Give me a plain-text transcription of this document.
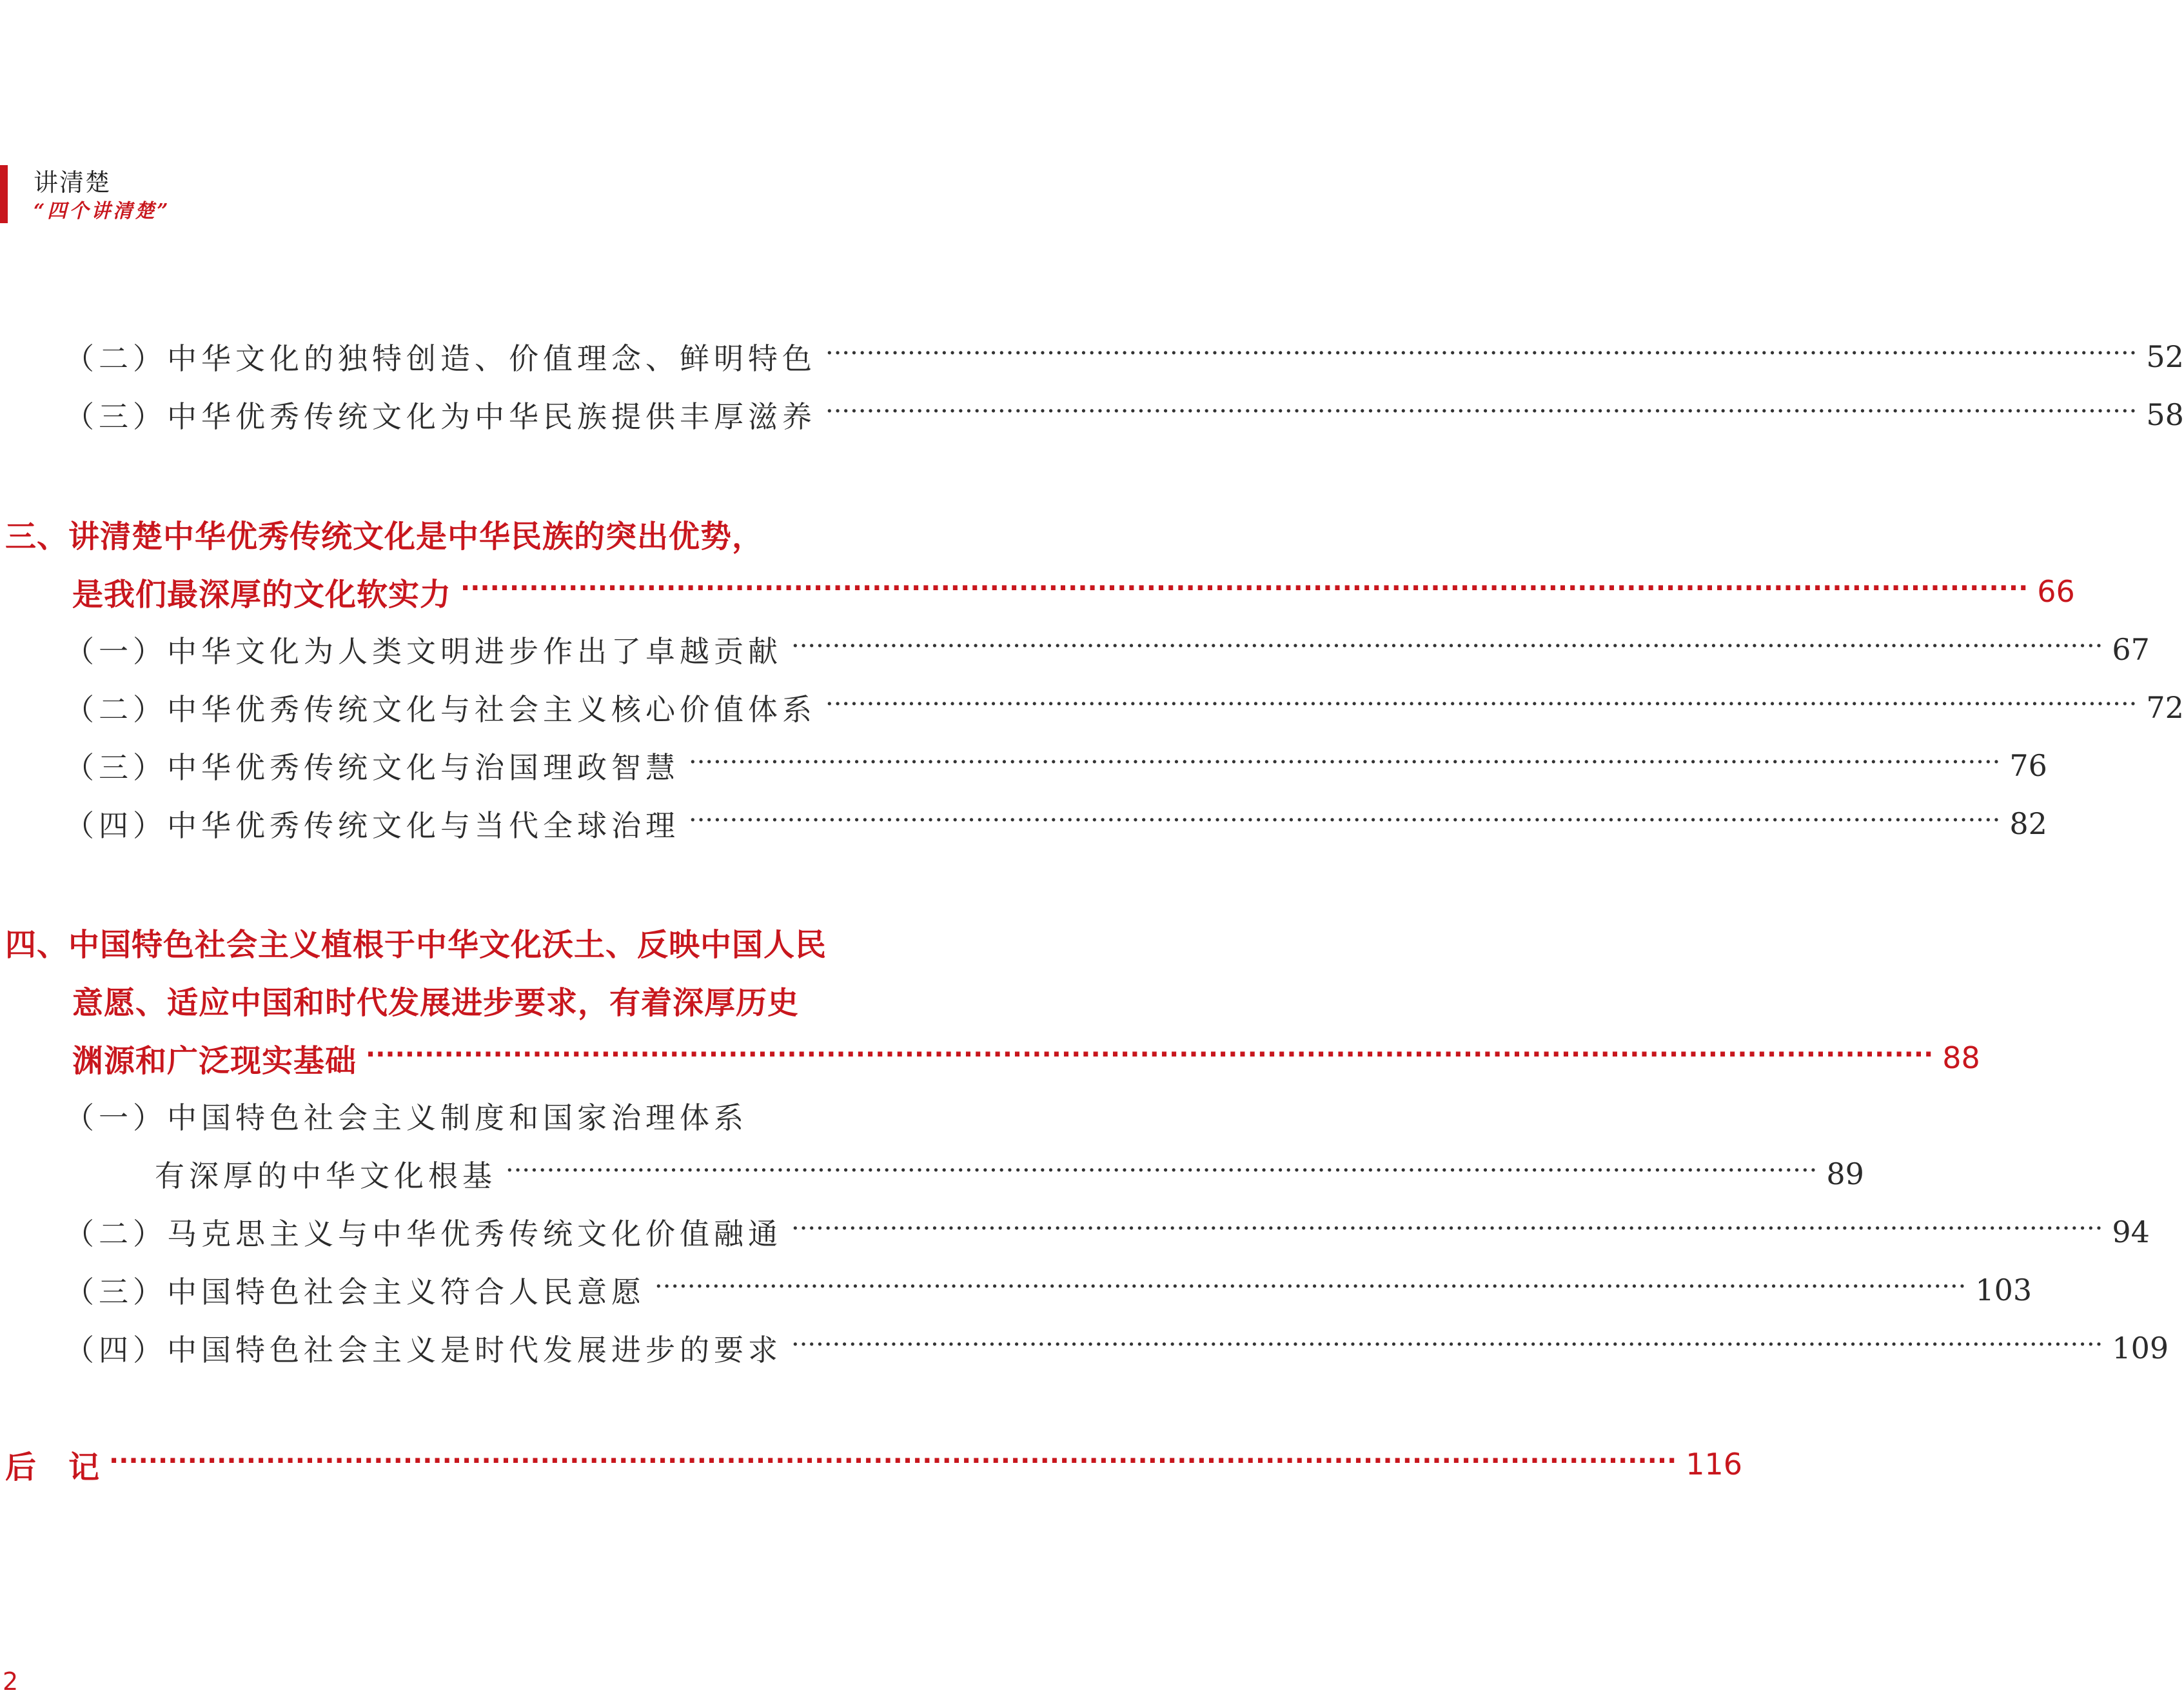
讲清楚
“四个讲清楚”
（二）中华文化的独特创造、价值理念、鲜明特色 ·····	52
（三）中华优秀传统文化为中华民族提供丰厚滋养 ·····	58
三、讲清楚中华优秀传统文化是中华民族的突出优势，
是我们最深厚的文化软实力 ·····	66
（一）中华文化为人类文明进步作出了卓越贡献 ·····	67
（二）中华优秀传统文化与社会主义核心价值体系 ·····	72
（三）中华优秀传统文化与治国理政智慧 ·····	76
（四）中华优秀传统文化与当代全球治理 ·····	82
四、中国特色社会主义植根于中华文化沃土、反映中国人民
意愿、适应中国和时代发展进步要求，有着深厚历史
渊源和广泛现实基础 ·····	88
（一）中国特色社会主义制度和国家治理体系
有深厚的中华文化根基 ·····	89
（二）马克思主义与中华优秀传统文化价值融通 ·····	94
（三）中国特色社会主义符合人民意愿 ·····	103
（四）中国特色社会主义是时代发展进步的要求 ·····	109
后　记 ·····	116
2
